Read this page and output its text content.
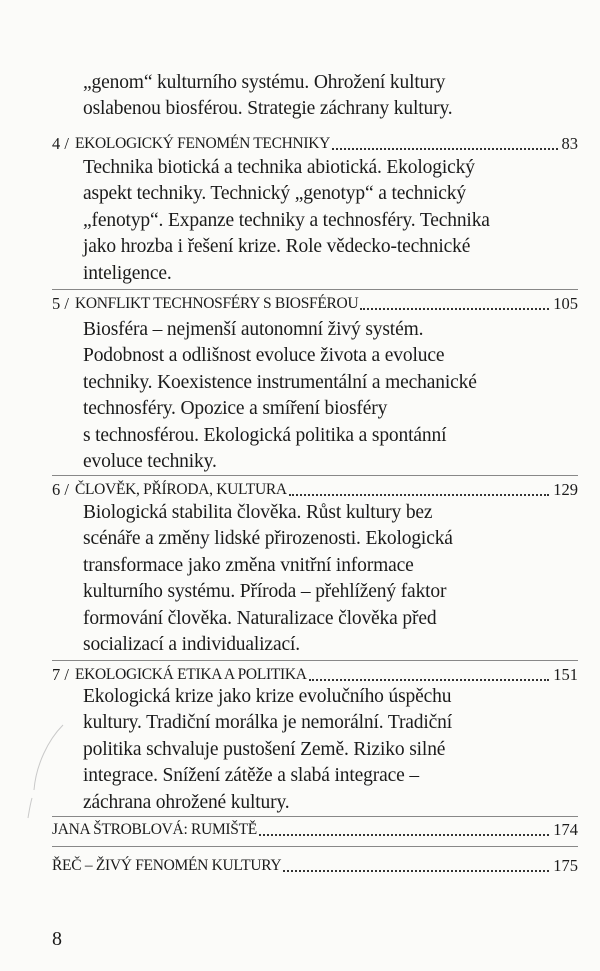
„genom“ kulturního systému. Ohrožení kultury
oslabenou biosférou. Strategie záchrany kultury.
4 / EKOLOGICKÝ FENOMÉN TECHNIKY	83
Technika biotická a technika abiotická. Ekologický
aspekt techniky. Technický „genotyp“ a technický
„fenotyp“. Expanze techniky a technosféry. Technika
jako hrozba i řešení krize. Role vědecko-technické
inteligence.
5 / KONFLIKT TECHNOSFÉRY S BIOSFÉROU	105
Biosféra – nejmenší autonomní živý systém.
Podobnost a odlišnost evoluce života a evoluce
techniky. Koexistence instrumentální a mechanické
technosféry. Opozice a smíření biosféry
s technosférou. Ekologická politika a spontánní
evoluce techniky.
6 / ČLOVĚK, PŘÍRODA, KULTURA	129
Biologická stabilita člověka. Růst kultury bez
scénáře a změny lidské přirozenosti. Ekologická
transformace jako změna vnitřní informace
kulturního systému. Příroda – přehlížený faktor
formování člověka. Naturalizace člověka před
socializací a individualizací.
7 / EKOLOGICKÁ ETIKA A POLITIKA	151
Ekologická krize jako krize evolučního úspěchu
kultury. Tradiční morálka je nemorální. Tradiční
politika schvaluje pustošení Země. Riziko silné
integrace. Snížení zátěže a slabá integrace –
záchrana ohrožené kultury.
JANA ŠTROBLOVÁ: RUMIŠTĚ	174
ŘEČ – ŽIVÝ FENOMÉN KULTURY	175
8
